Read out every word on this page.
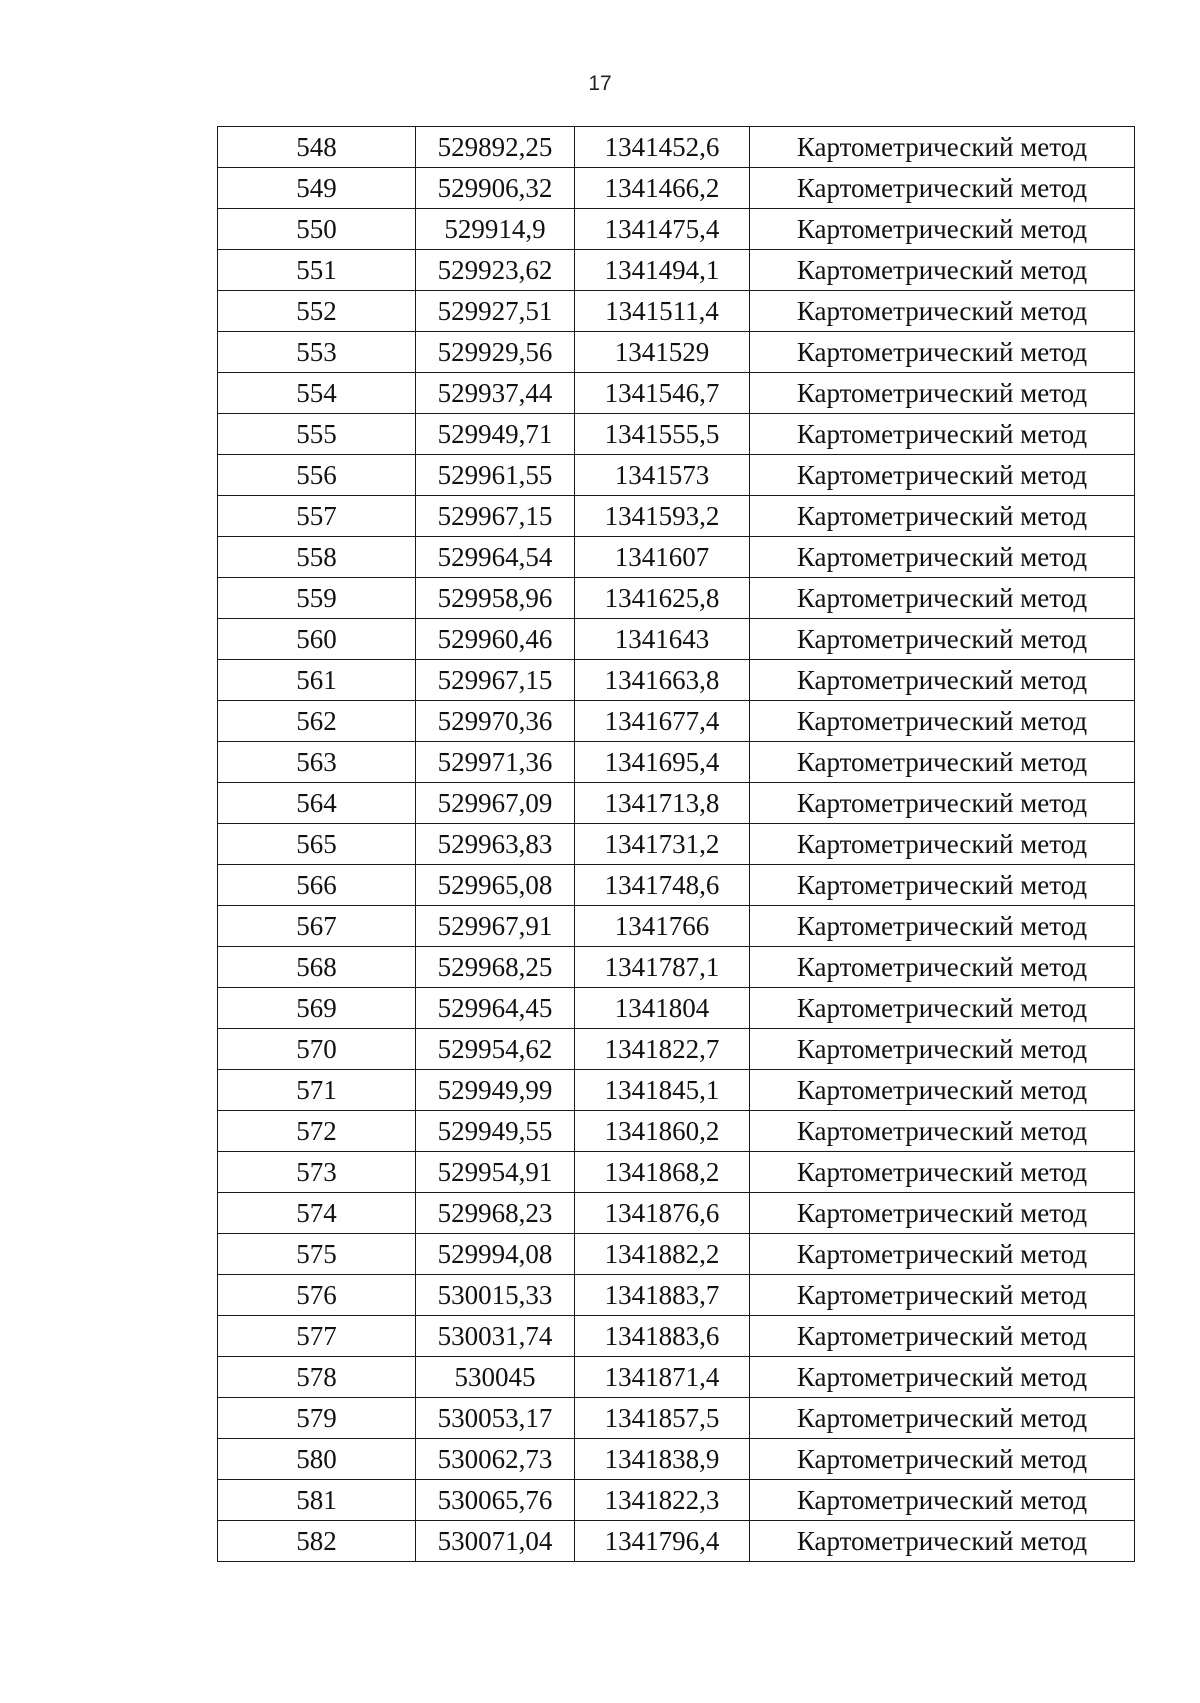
17
548	529892,25	1341452,6	Картометрический метод
549	529906,32	1341466,2	Картометрический метод
550	529914,9	1341475,4	Картометрический метод
551	529923,62	1341494,1	Картометрический метод
552	529927,51	1341511,4	Картометрический метод
553	529929,56	1341529	Картометрический метод
554	529937,44	1341546,7	Картометрический метод
555	529949,71	1341555,5	Картометрический метод
556	529961,55	1341573	Картометрический метод
557	529967,15	1341593,2	Картометрический метод
558	529964,54	1341607	Картометрический метод
559	529958,96	1341625,8	Картометрический метод
560	529960,46	1341643	Картометрический метод
561	529967,15	1341663,8	Картометрический метод
562	529970,36	1341677,4	Картометрический метод
563	529971,36	1341695,4	Картометрический метод
564	529967,09	1341713,8	Картометрический метод
565	529963,83	1341731,2	Картометрический метод
566	529965,08	1341748,6	Картометрический метод
567	529967,91	1341766	Картометрический метод
568	529968,25	1341787,1	Картометрический метод
569	529964,45	1341804	Картометрический метод
570	529954,62	1341822,7	Картометрический метод
571	529949,99	1341845,1	Картометрический метод
572	529949,55	1341860,2	Картометрический метод
573	529954,91	1341868,2	Картометрический метод
574	529968,23	1341876,6	Картометрический метод
575	529994,08	1341882,2	Картометрический метод
576	530015,33	1341883,7	Картометрический метод
577	530031,74	1341883,6	Картометрический метод
578	530045	1341871,4	Картометрический метод
579	530053,17	1341857,5	Картометрический метод
580	530062,73	1341838,9	Картометрический метод
581	530065,76	1341822,3	Картометрический метод
582	530071,04	1341796,4	Картометрический метод
